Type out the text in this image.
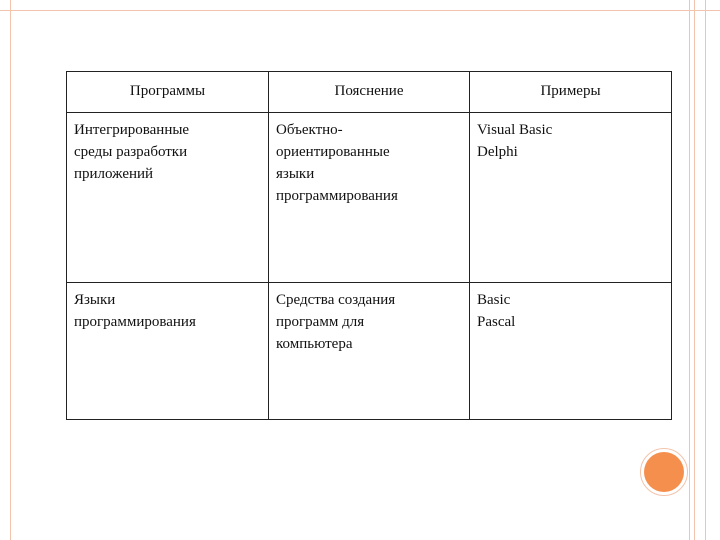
Программы	Пояснение	Примеры
Интегрированные
среды разработки
приложений
Объектно-
ориентированные
языки
программирования
Visual Basic
Delphi
Языки
программирования
Средства создания
программ для
компьютера
Basic
Pascal
